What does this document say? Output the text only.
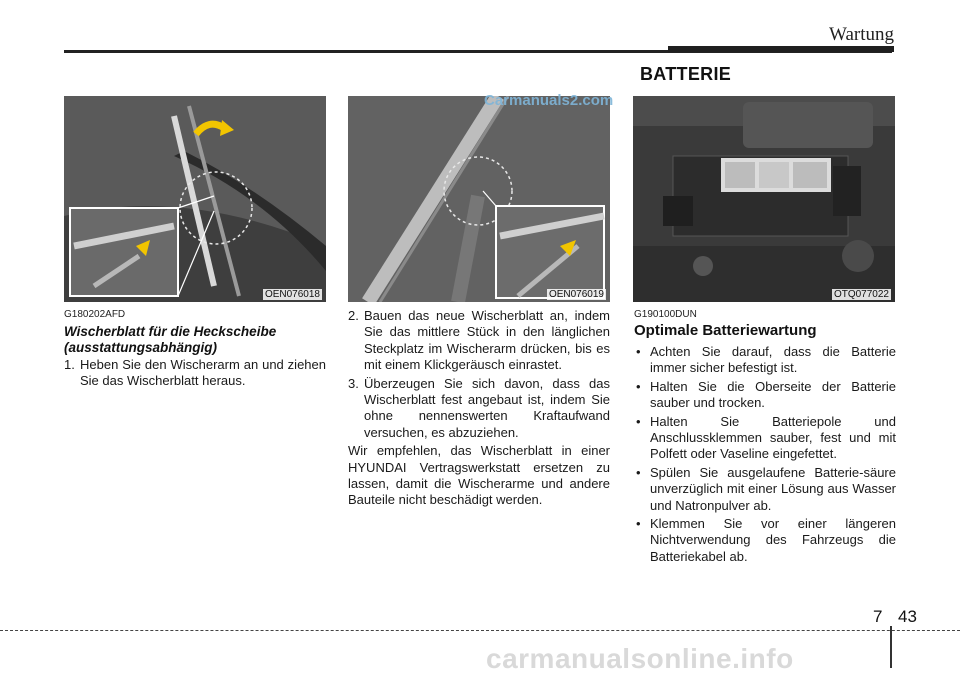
Wartung
BATTERIE
OEN076018	OEN076019	OTQ077022
Carmanuals2.com
G180202AFD
Wischerblatt für die Heckscheibe (ausstattungsabhängig)
1. Heben Sie den Wischerarm an und ziehen Sie das Wischerblatt heraus.
2. Bauen das neue Wischerblatt an, indem Sie das mittlere Stück in den länglichen Steckplatz im Wischerarm drücken, bis es mit einem Klickgeräusch einrastet.
3. Überzeugen Sie sich davon, dass das Wischerblatt fest angebaut ist, indem Sie ohne nennenswerten Kraftaufwand versuchen, es abzuziehen.

Wir empfehlen, das Wischerblatt in einer HYUNDAI Vertragswerkstatt ersetzen zu lassen, damit die Wischerarme und andere Bauteile nicht beschädigt werden.

G190100DUN
Optimale Batteriewartung
• Achten Sie darauf, dass die Batterie immer sicher befestigt ist.
• Halten Sie die Oberseite der Batterie sauber und trocken.
• Halten Sie Batteriepole und Anschlussklemmen sauber, fest und mit Polfett oder Vaseline eingefettet.
• Spülen Sie ausgelaufene Batterie-säure unverzüglich mit einer Lösung aus Wasser und Natronpulver ab.
• Klemmen Sie vor einer längeren Nichtverwendung des Fahrzeugs die Batteriekabel ab.
7 43
carmanualsonline.info
